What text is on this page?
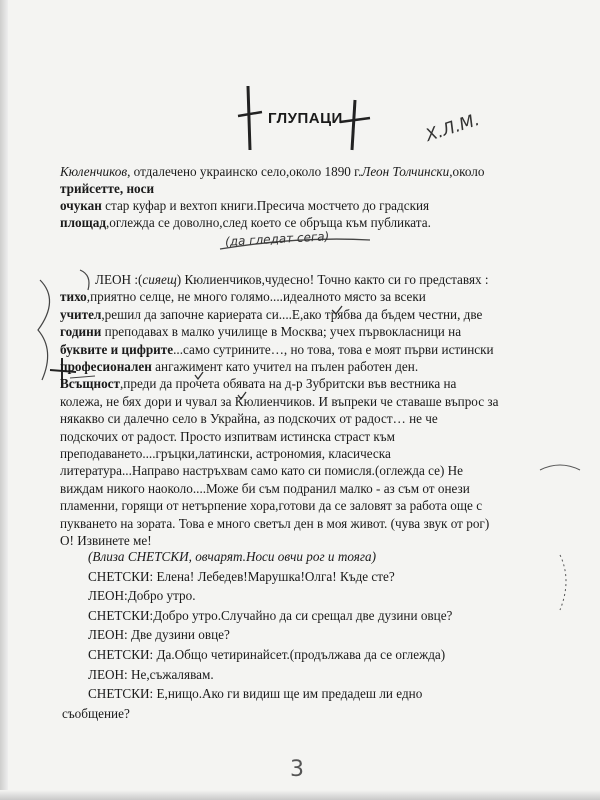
ГЛУПАЦИ	Х.Л.М.
(да гледат сега)
Кюленчиков, отдалечено украинско село,около 1890 г.Леон Толчински,около
трийсетте, носи
очукан стар куфар и вехтоп книги.Пресича мостчето до градския
площад,оглежда се доволно,след което се обръща към публиката.
ЛЕОН :(сияещ) Кюлиенчиков,чудесно! Точно както си го представях :
тихо,приятно селце, не много голямо....идеалното място за всеки
учител,решил да започне кариерата си....Е,ако трябва да бъдем честни, две
години преподавах в малко училище в Москва; учех първокласници на
буквите и цифрите...само сутрините…, но това, това е моят първи истински
професионален ангажимент като учител на пълен работен ден.
Всъщност,преди да прочета обявата на д-р Зубритски във вестника на
колежа, не бях дори и чувал за Кюлиенчиков. И въпреки че ставаше въпрос за
някакво си далечно село в Украйна, аз подскочих от радост… не че
подскочих от радост. Просто изпитвам истинска страст към
преподаването....гръцки,латински, астрономия, класическа
литература...Направо настръхвам само като си помисля.(оглежда се) Не
виждам никого наоколо....Може би съм подранил малко - аз съм от онези
пламенни, горящи от нетърпение хора,готови да се заловят за работа още с
пукването на зората. Това е много светъл ден в моя живот. (чува звук от рог)
О! Извинете ме!
(Влиза СНЕТСКИ, овчарят.Носи овчи рог и тояга)
СНЕТСКИ: Елена! Лебедев!Марушка!Олга! Къде сте?
ЛЕОН:Добро утро.
СНЕТСКИ:Добро утро.Случайно да си срещал две дузини овце?
ЛЕОН: Две дузини овце?
СНЕТСКИ: Да.Общо четиринайсет.(продължава да се оглежда)
ЛЕОН: Не,съжалявам.
СНЕТСКИ: Е,нищо.Ако ги видиш ще им предадеш ли едно
съобщение?
3
